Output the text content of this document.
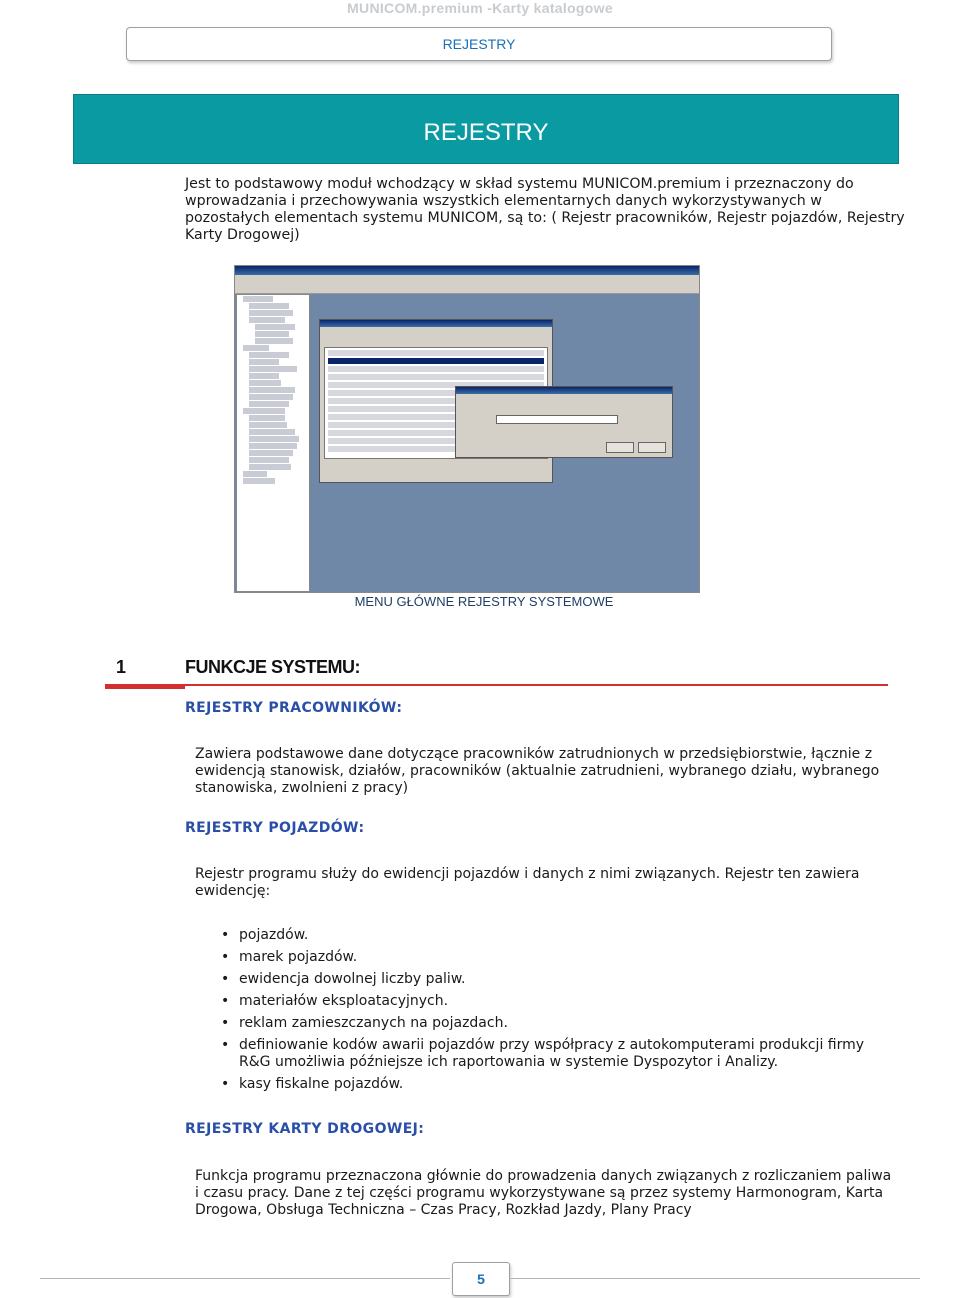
MUNICOM.premium -Karty katalogowe
REJESTRY
REJESTRY
Jest to podstawowy moduł wchodzący w skład systemu MUNICOM.premium i przeznaczony do wprowadzania i przechowywania wszystkich elementarnych danych wykorzystywanych w pozostałych elementach systemu MUNICOM, są to: ( Rejestr pracowników, Rejestr pojazdów, Rejestry Karty Drogowej)
MENU GŁÓWNE REJESTRY SYSTEMOWE
1	FUNKCJE SYSTEMU:
REJESTRY PRACOWNIKÓW:
Zawiera podstawowe dane dotyczące pracowników zatrudnionych w przedsiębiorstwie, łącznie z ewidencją stanowisk, działów, pracowników (aktualnie zatrudnieni, wybranego działu, wybranego stanowiska, zwolnieni z pracy)
REJESTRY POJAZDÓW:
Rejestr programu służy do ewidencji pojazdów i danych z nimi związanych. Rejestr ten zawiera ewidencję:
• pojazdów.
• marek pojazdów.
• ewidencja dowolnej liczby paliw.
• materiałów eksploatacyjnych.
• reklam zamieszczanych na pojazdach.
• definiowanie kodów awarii pojazdów przy współpracy z autokomputerami produkcji firmy R&G umożliwia późniejsze ich raportowania w systemie Dyspozytor i Analizy.
• kasy fiskalne pojazdów.
REJESTRY KARTY DROGOWEJ:
Funkcja programu przeznaczona głównie do prowadzenia danych związanych z rozliczaniem paliwa i czasu pracy. Dane z tej części programu wykorzystywane są przez systemy Harmonogram, Karta Drogowa, Obsługa Techniczna – Czas Pracy, Rozkład Jazdy, Plany Pracy
5
